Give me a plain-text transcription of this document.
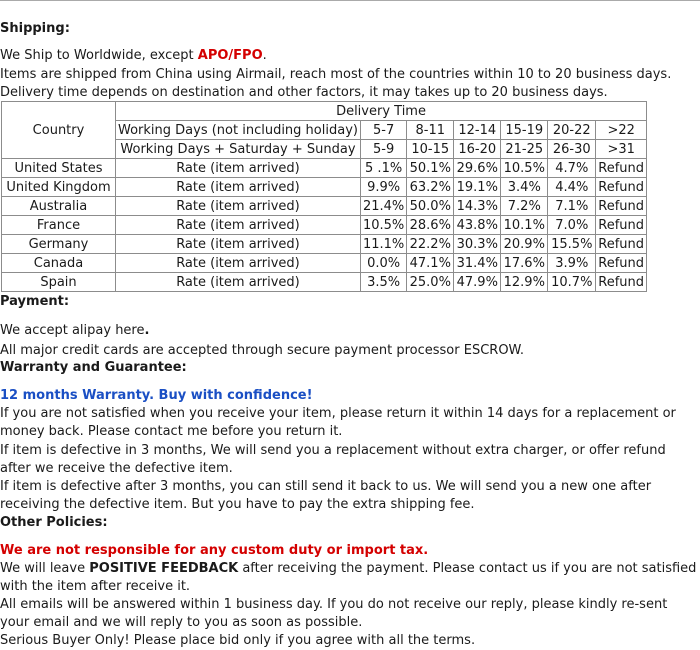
Shipping:
We Ship to Worldwide, except APO/FPO.
Items are shipped from China using Airmail, reach most of the countries within 10 to 20 business days.
Delivery time depends on destination and other factors, it may takes up to 20 business days.
Country	Delivery Time						
	Working Days (not including holiday)	5-7	8-11	12-14	15-19	20-22	>22
	Working Days + Saturday + Sunday	5-9	10-15	16-20	21-25	26-30	>31
United States	Rate (item arrived)	5 .1%	50.1%	29.6%	10.5%	4.7%	Refund
United Kingdom	Rate (item arrived)	9.9%	63.2%	19.1%	3.4%	4.4%	Refund
Australia	Rate (item arrived)	21.4%	50.0%	14.3%	7.2%	7.1%	Refund
France	Rate (item arrived)	10.5%	28.6%	43.8%	10.1%	7.0%	Refund
Germany	Rate (item arrived)	11.1%	22.2%	30.3%	20.9%	15.5%	Refund
Canada	Rate (item arrived)	0.0%	47.1%	31.4%	17.6%	3.9%	Refund
Spain	Rate (item arrived)	3.5%	25.0%	47.9%	12.9%	10.7%	Refund
Payment:
We accept alipay here.
All major credit cards are accepted through secure payment processor ESCROW.
Warranty and Guarantee:
12 months Warranty. Buy with confidence!
If you are not satisfied when you receive your item, please return it within 14 days for a replacement or money back. Please contact me before you return it.
If item is defective in 3 months, We will send you a replacement without extra charger, or offer refund after we receive the defective item.
If item is defective after 3 months, you can still send it back to us. We will send you a new one after receiving the defective item. But you have to pay the extra shipping fee.
Other Policies:
We are not responsible for any custom duty or import tax.
We will leave POSITIVE FEEDBACK after receiving the payment. Please contact us if you are not satisfied with the item after receive it.
All emails will be answered within 1 business day. If you do not receive our reply, please kindly re-sent your email and we will reply to you as soon as possible.
Serious Buyer Only! Please place bid only if you agree with all the terms.
